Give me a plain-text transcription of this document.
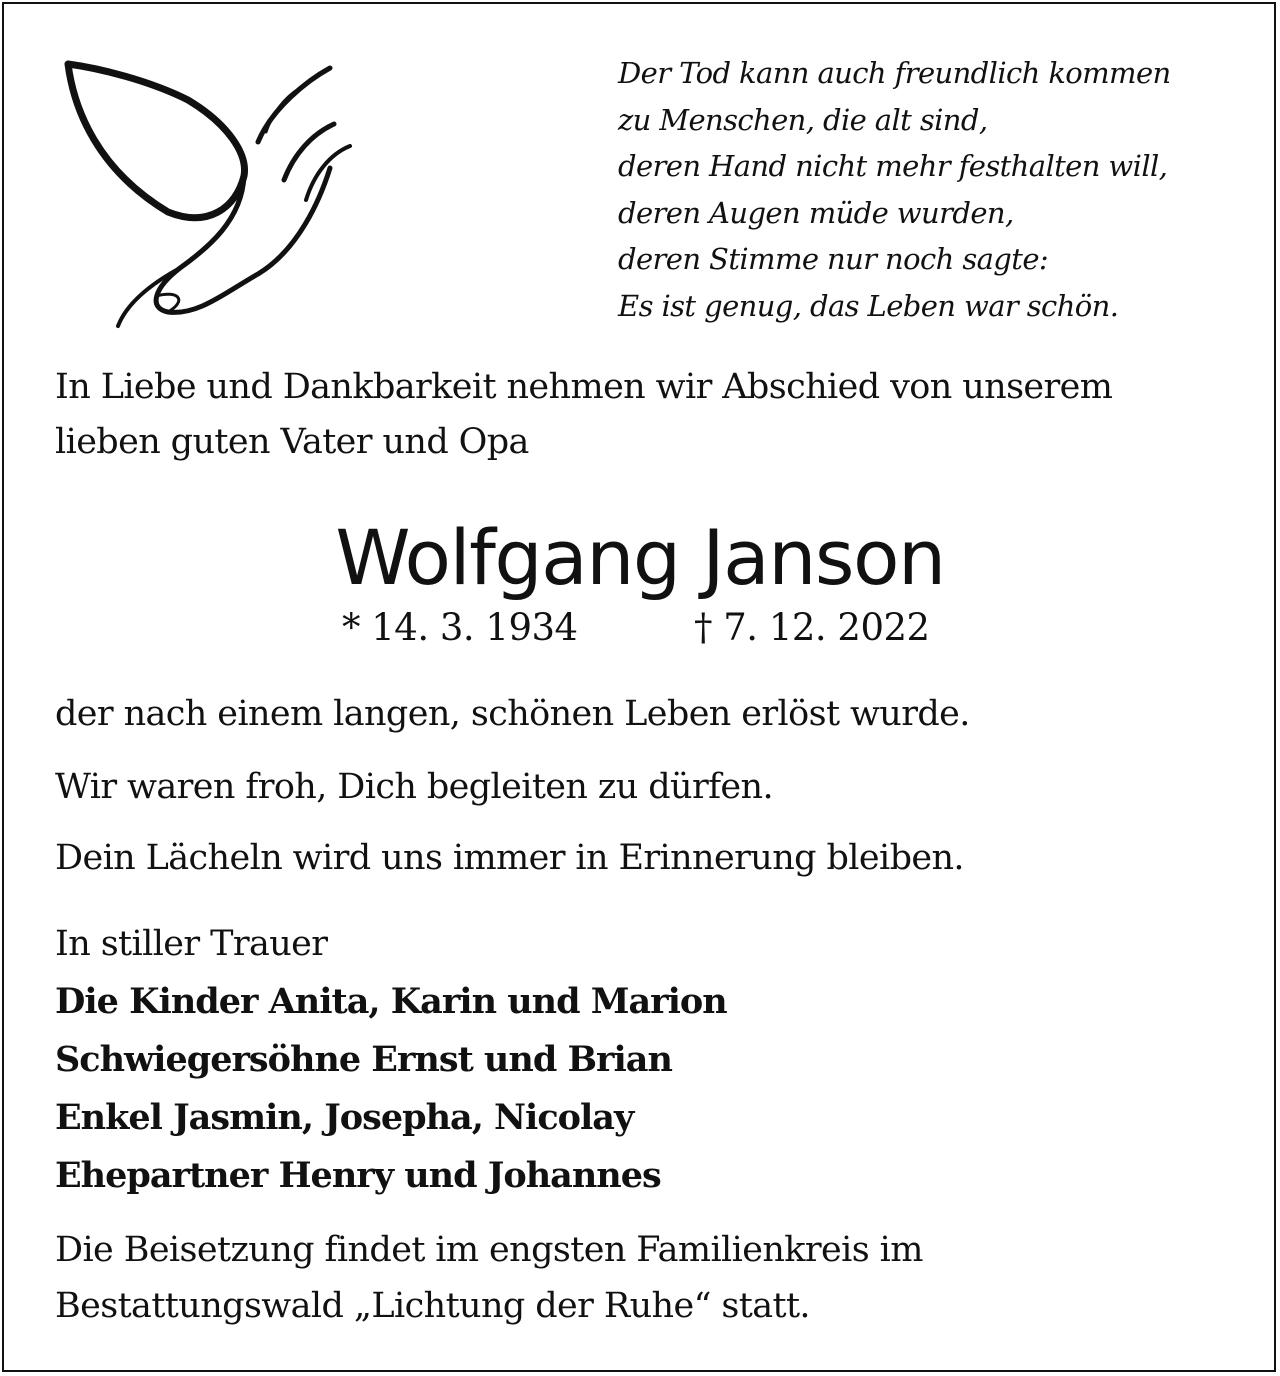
Der Tod kann auch freundlich kommen
zu Menschen, die alt sind,
deren Hand nicht mehr festhalten will,
deren Augen müde wurden,
deren Stimme nur noch sagte:
Es ist genug, das Leben war schön.
In Liebe und Dankbarkeit nehmen wir Abschied von unserem
lieben guten Vater und Opa
Wolfgang Janson
* 14. 3. 1934	† 7. 12. 2022
der nach einem langen, schönen Leben erlöst wurde.
Wir waren froh, Dich begleiten zu dürfen.
Dein Lächeln wird uns immer in Erinnerung bleiben.
In stiller Trauer
Die Kinder Anita, Karin und Marion
Schwiegersöhne Ernst und Brian
Enkel Jasmin, Josepha, Nicolay
Ehepartner Henry und Johannes
Die Beisetzung findet im engsten Familienkreis im
Bestattungswald „Lichtung der Ruhe“ statt.
